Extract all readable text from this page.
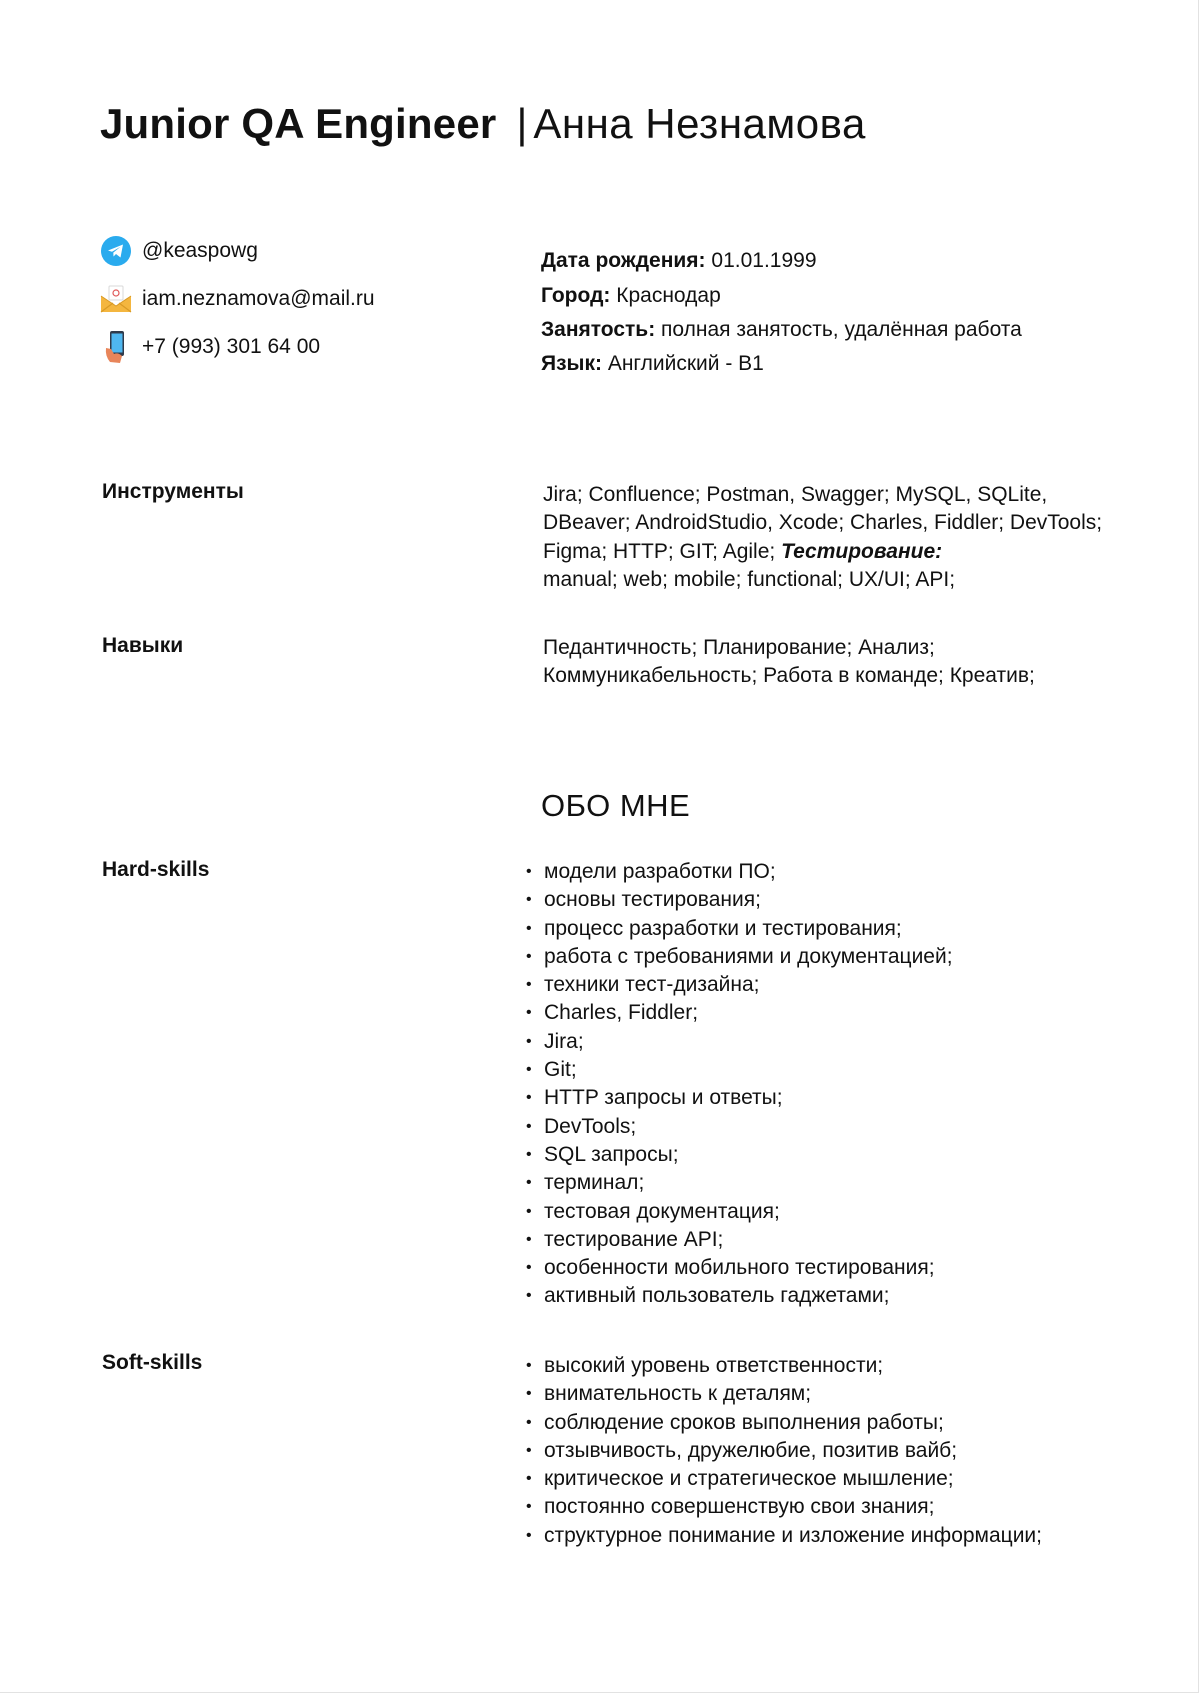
Junior QA Engineer | Анна Незнамова
@keaspowg
iam.neznamova@mail.ru
+7 (993) 301 64 00
Дата рождения: 01.01.1999
Город: Краснодар
Занятость: полная занятость, удалённая работа
Язык: Английский - B1
Инструменты	Jira; Confluence; Postman, Swagger; MySQL, SQLite,
DBeaver; AndroidStudio, Xcode; Charles, Fiddler; DevTools;
Figma; HTTP; GIT; Agile; Тестирование:
manual; web; mobile; functional; UX/UI; API;
Навыки	Педантичность; Планирование; Анализ;
Коммуникабельность; Работа в команде; Креатив;
ОБО МНЕ
Hard-skills	• модели разработки ПО;
• основы тестирования;
• процесс разработки и тестирования;
• работа с требованиями и документацией;
• техники тест-дизайна;
• Charles, Fiddler;
• Jira;
• Git;
• HTTP запросы и ответы;
• DevTools;
• SQL запросы;
• терминал;
• тестовая документация;
• тестирование API;
• особенности мобильного тестирования;
• активный пользователь гаджетами;
Soft-skills	• высокий уровень ответственности;
• внимательность к деталям;
• соблюдение сроков выполнения работы;
• отзывчивость, дружелюбие, позитив вайб;
• критическое и стратегическое мышление;
• постоянно совершенствую свои знания;
• структурное понимание и изложение информации;
